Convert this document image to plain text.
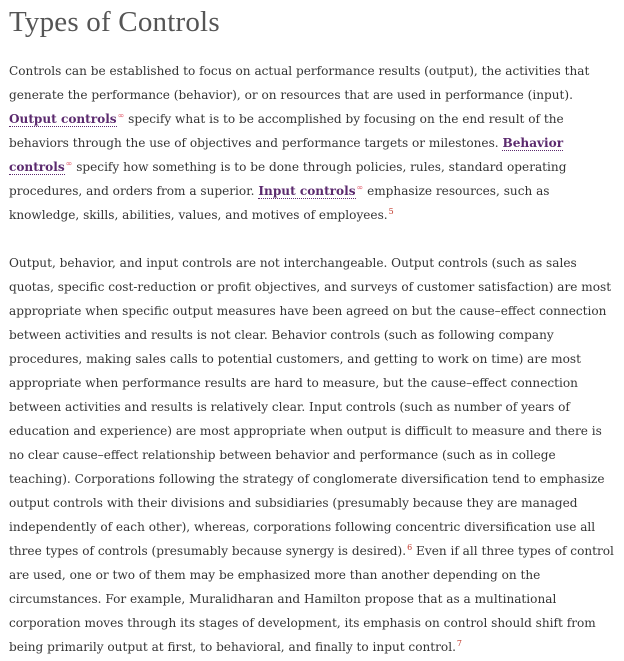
Types of Controls

Controls can be established to focus on actual performance results (output), the activities that generate the performance (behavior), or on resources that are used in performance (input). Output controls∞ specify what is to be accomplished by focusing on the end result of the behaviors through the use of objectives and performance targets or milestones. Behavior controls∞ specify how something is to be done through policies, rules, standard operating procedures, and orders from a superior. Input controls∞ emphasize resources, such as knowledge, skills, abilities, values, and motives of employees.$^5$

Output, behavior, and input controls are not interchangeable. Output controls (such as sales quotas, specific cost-reduction or profit objectives, and surveys of customer satisfaction) are most appropriate when specific output measures have been agreed on but the cause–effect connection between activities and results is not clear. Behavior controls (such as following company procedures, making sales calls to potential customers, and getting to work on time) are most appropriate when performance results are hard to measure, but the cause–effect connection between activities and results is relatively clear. Input controls (such as number of years of education and experience) are most appropriate when output is difficult to measure and there is no clear cause–effect relationship between behavior and performance (such as in college teaching). Corporations following the strategy of conglomerate diversification tend to emphasize output controls with their divisions and subsidiaries (presumably because they are managed independently of each other), whereas, corporations following concentric diversification use all three types of controls (presumably because synergy is desired).$^6$ Even if all three types of control are used, one or two of them may be emphasized more than another depending on the circumstances. For example, Muralidharan and Hamilton propose that as a multinational corporation moves through its stages of development, its emphasis on control should shift from being primarily output at first, to behavioral, and finally to input control.$^7$
